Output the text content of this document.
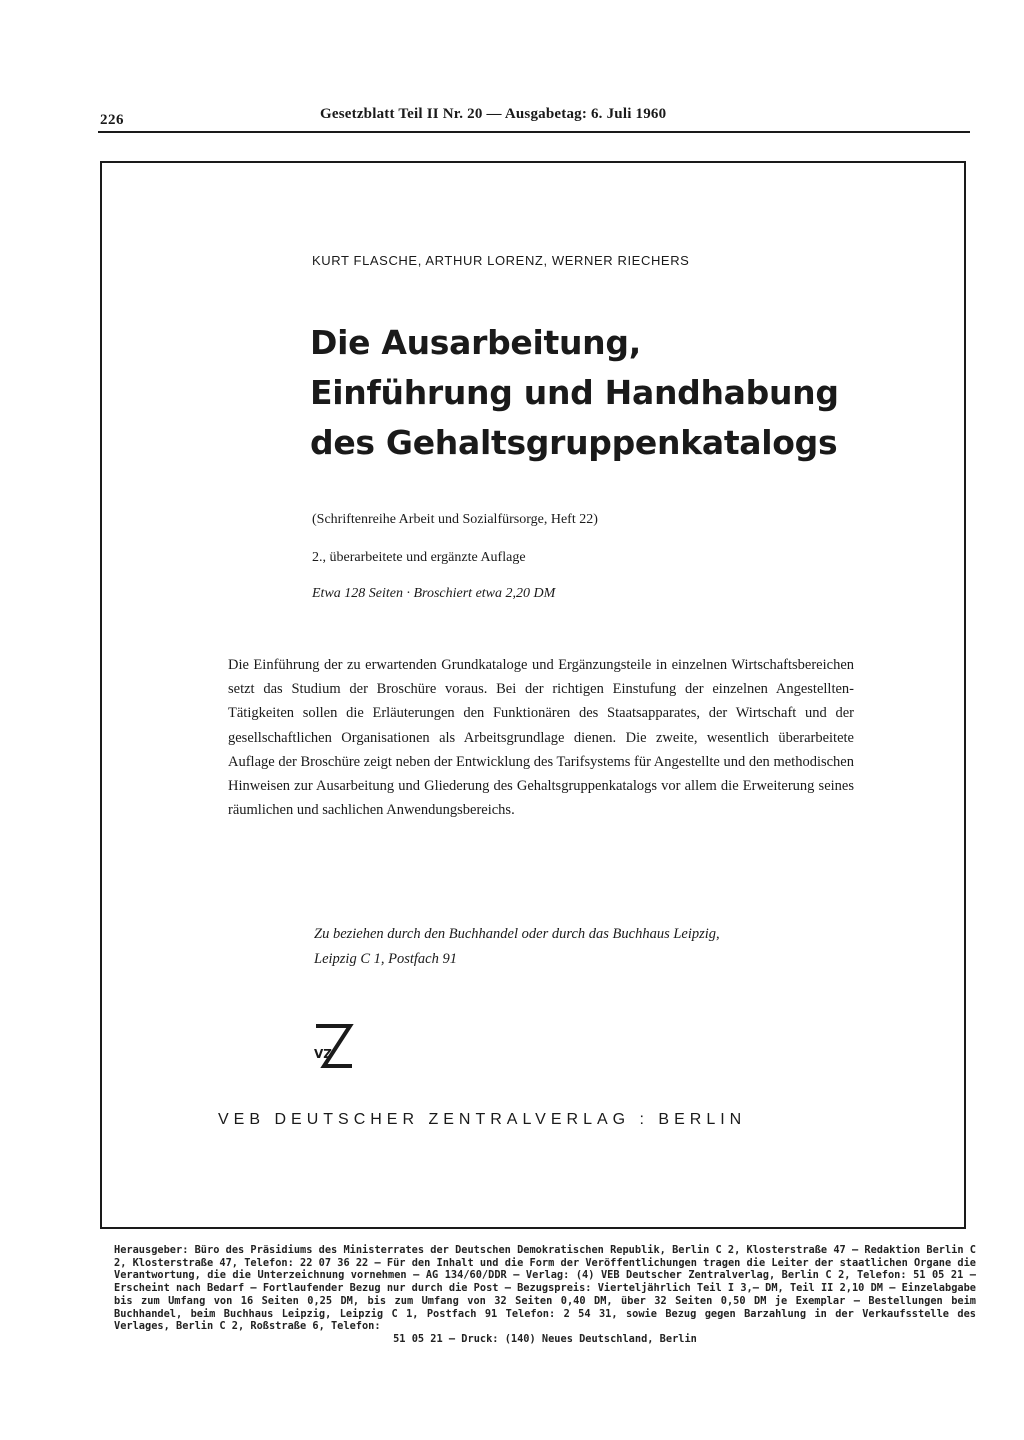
226	Gesetzblatt Teil II Nr. 20 — Ausgabetag: 6. Juli 1960
KURT FLASCHE, ARTHUR LORENZ, WERNER RIECHERS
Die Ausarbeitung,
Einführung und Handhabung
des Gehaltsgruppenkatalogs
(Schriftenreihe Arbeit und Sozialfürsorge, Heft 22)
2., überarbeitete und ergänzte Auflage
Etwa 128 Seiten · Broschiert etwa 2,20 DM
Die Einführung der zu erwartenden Grundkataloge und Ergänzungsteile in einzelnen Wirtschaftsbereichen setzt das Studium der Broschüre voraus. Bei der richtigen Einstufung der einzelnen Angestellten-Tätigkeiten sollen die Erläuterungen den Funktionären des Staatsapparates, der Wirtschaft und der gesellschaftlichen Organisationen als Arbeitsgrundlage dienen. Die zweite, wesentlich überarbeitete Auflage der Broschüre zeigt neben der Entwicklung des Tarifsystems für Angestellte und den methodischen Hinweisen zur Ausarbeitung und Gliederung des Gehaltsgruppenkatalogs vor allem die Erweiterung seines räumlichen und sachlichen Anwendungsbereichs.
Zu beziehen durch den Buchhandel oder durch das Buchhaus Leipzig,
Leipzig C 1, Postfach 91
VZ
VEB DEUTSCHER ZENTRALVERLAG : BERLIN
Herausgeber: Büro des Präsidiums des Ministerrates der Deutschen Demokratischen Republik, Berlin C 2, Klosterstraße 47 — Redaktion Berlin C 2, Klosterstraße 47, Telefon: 22 07 36 22 — Für den Inhalt und die Form der Veröffentlichungen tragen die Leiter der staatlichen Organe die Verantwortung, die die Unterzeichnung vornehmen — AG 134/60/DDR — Verlag: (4) VEB Deutscher Zentralverlag, Berlin C 2, Telefon: 51 05 21 — Erscheint nach Bedarf — Fortlaufender Bezug nur durch die Post — Bezugspreis: Vierteljährlich Teil I 3,— DM, Teil II 2,10 DM — Einzelabgabe bis zum Umfang von 16 Seiten 0,25 DM, bis zum Umfang von 32 Seiten 0,40 DM, über 32 Seiten 0,50 DM je Exemplar — Bestellungen beim Buchhandel, beim Buchhaus Leipzig, Leipzig C 1, Postfach 91 Telefon: 2 54 31, sowie Bezug gegen Barzahlung in der Verkaufsstelle des Verlages, Berlin C 2, Roßstraße 6, Telefon:
51 05 21 — Druck: (140) Neues Deutschland, Berlin
